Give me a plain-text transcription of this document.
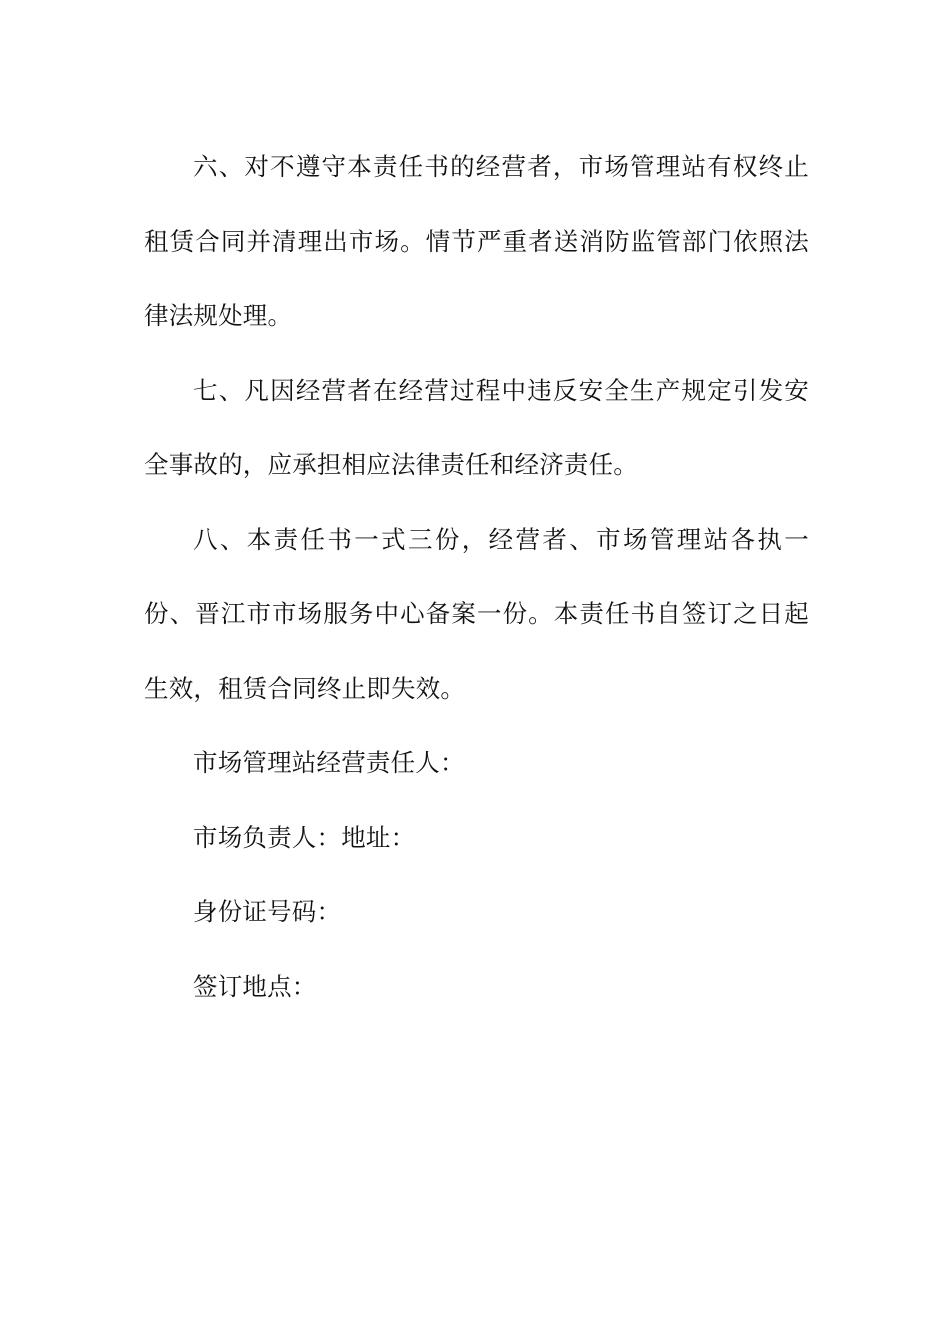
六、对不遵守本责任书的经营者，市场管理站有权终止租赁合同并清理出市场。情节严重者送消防监管部门依照法律法规处理。

七、凡因经营者在经营过程中违反安全生产规定引发安全事故的，应承担相应法律责任和经济责任。

八、本责任书一式三份，经营者、市场管理站各执一份、晋江市市场服务中心备案一份。本责任书自签订之日起生效，租赁合同终止即失效。

市场管理站经营责任人：

市场负责人：地址：

身份证号码：

签订地点：
